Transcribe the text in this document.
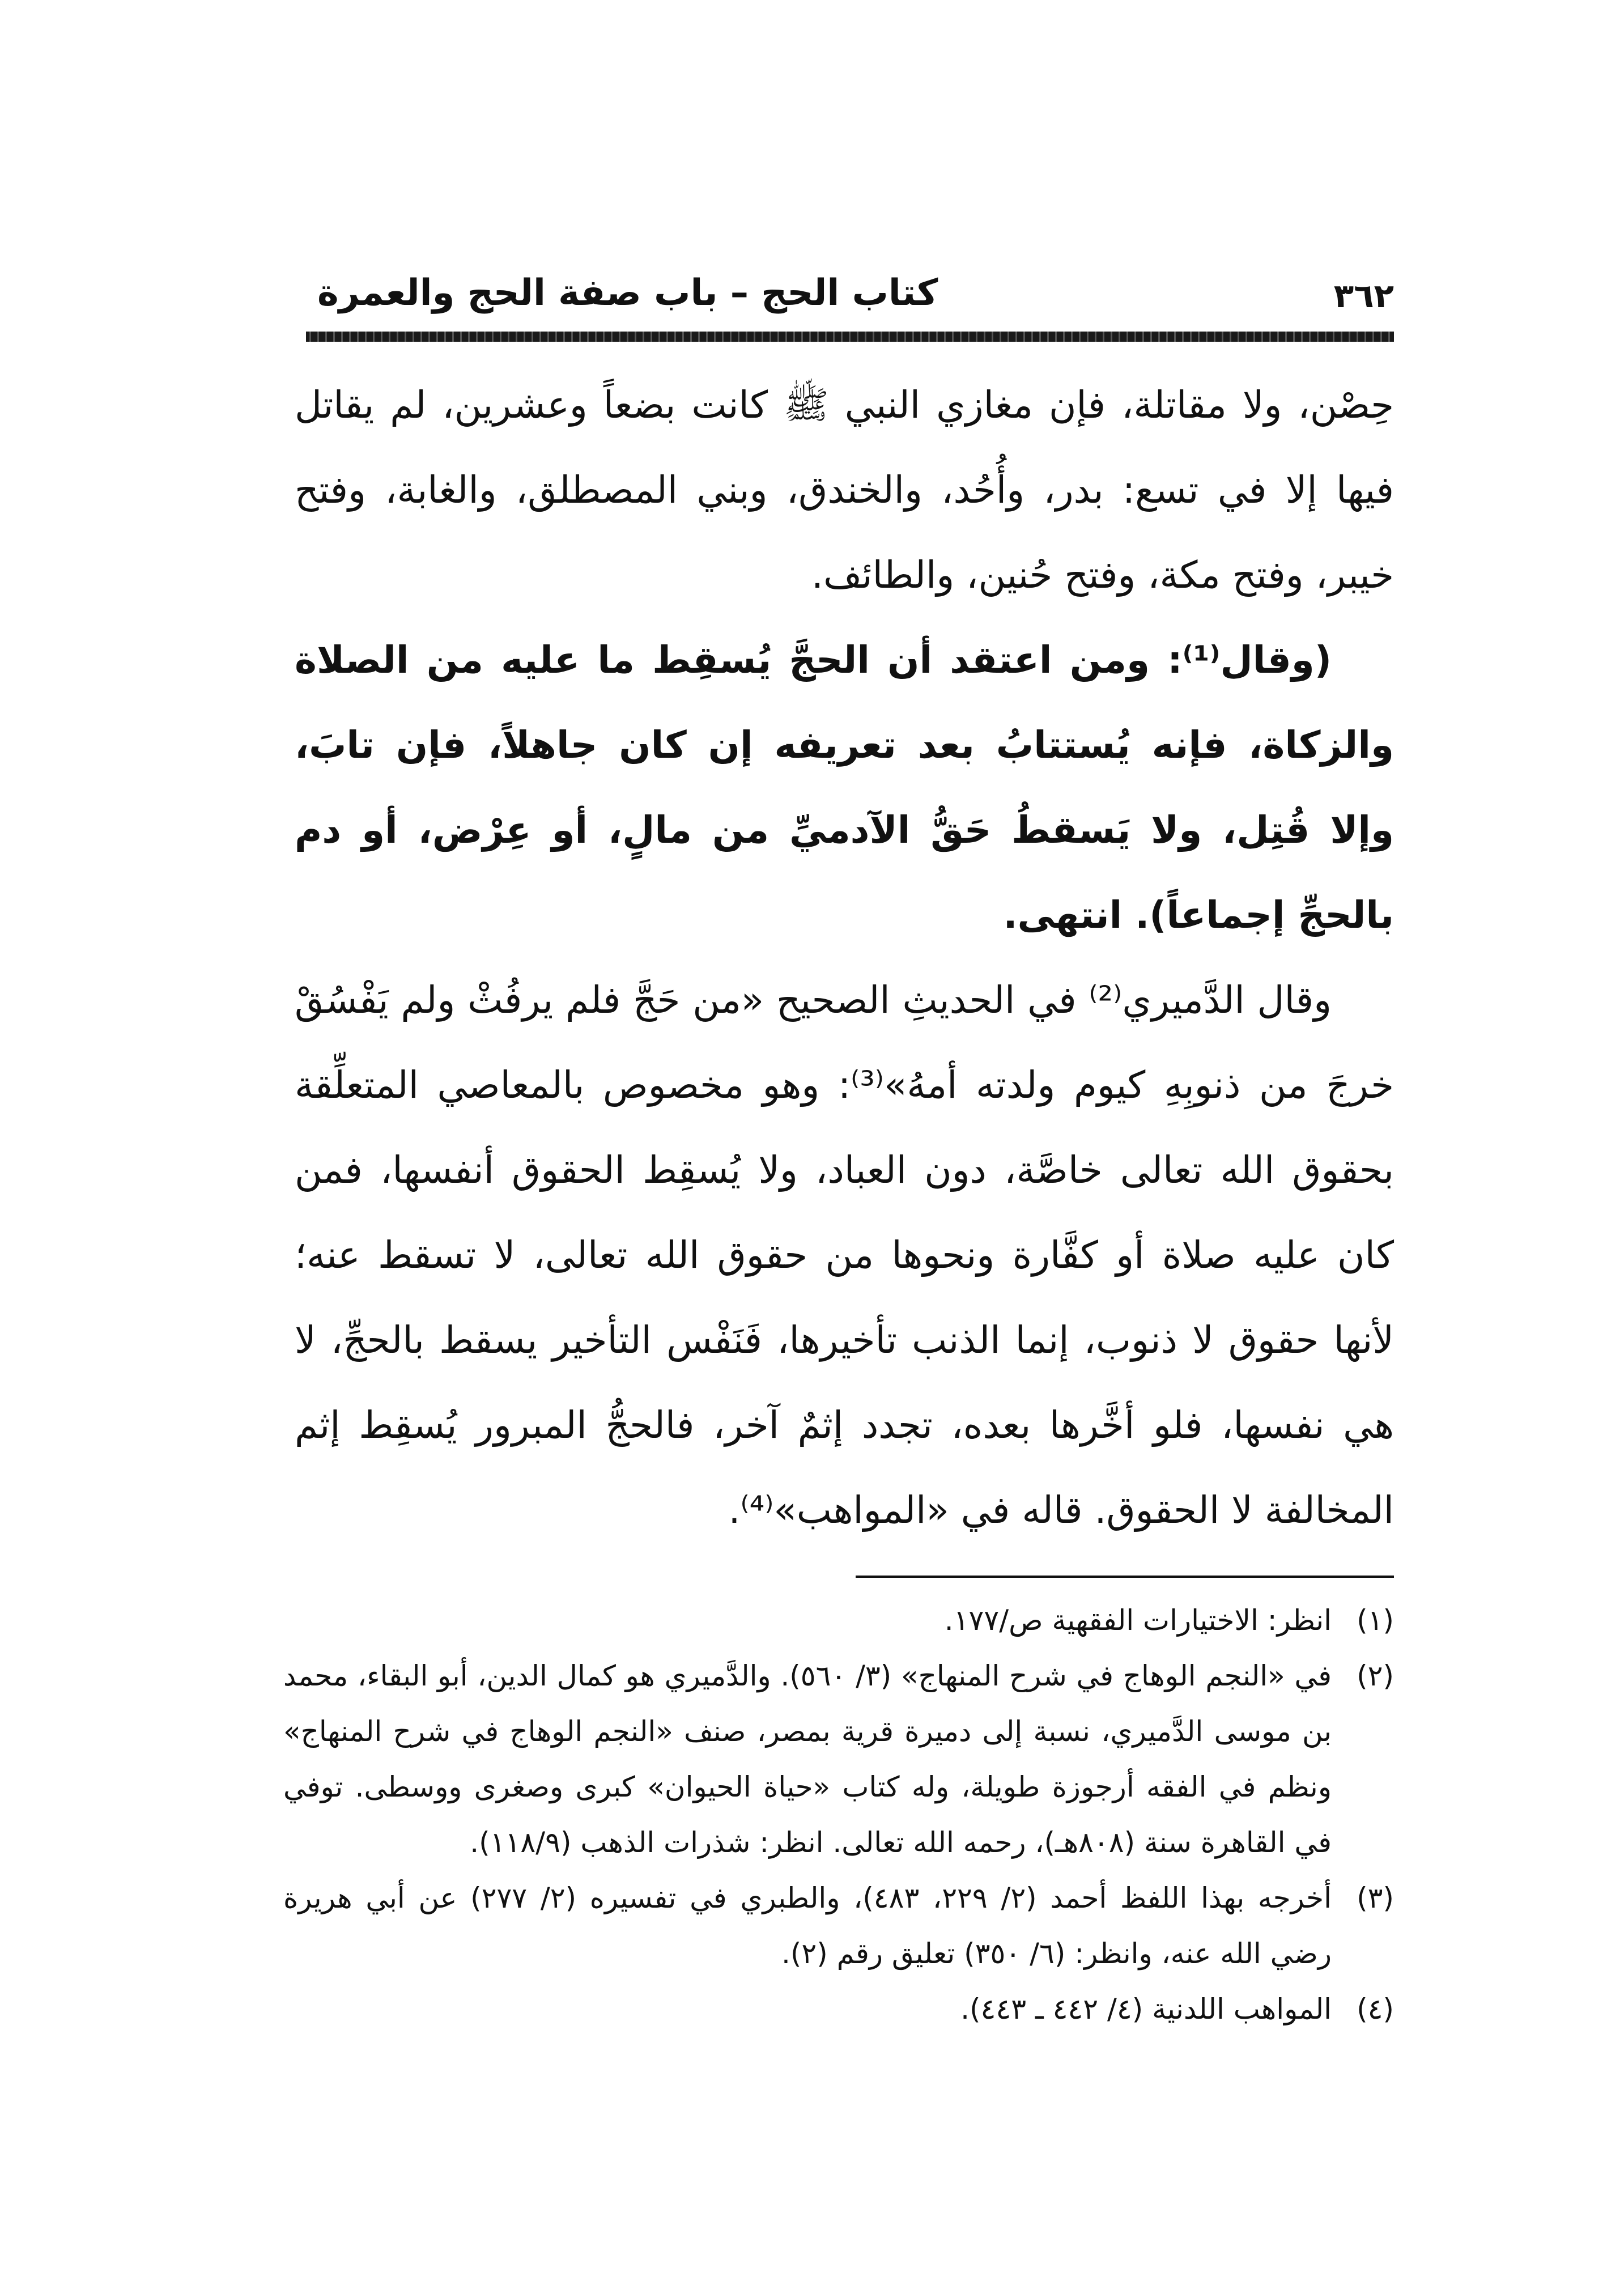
٣٦٢
كتاب الحج – باب صفة الحج والعمرة

حِصْن، ولا مقاتلة، فإن مغازي النبي ﷺ كانت بضعاً وعشرين، لم يقاتل فيها إلا في تسع: بدر، وأُحُد، والخندق، وبني المصطلق، والغابة، وفتح خيبر، وفتح مكة، وفتح حُنين، والطائف.

(وقال⁽¹⁾: ومن اعتقد أن الحجَّ يُسقِط ما عليه من الصلاة والزكاة، فإنه يُستتابُ بعد تعريفه إن كان جاهلاً، فإن تابَ، وإلا قُتِل، ولا يَسقطُ حَقُّ الآدميِّ من مالٍ، أو عِرْض، أو دم بالحجِّ إجماعاً). انتهى.

وقال الدَّميري⁽²⁾ في الحديثِ الصحيح «من حَجَّ فلم يرفُثْ ولم يَفْسُقْ خرجَ من ذنوبِهِ كيوم ولدته أمهُ»⁽³⁾: وهو مخصوص بالمعاصي المتعلِّقة بحقوق الله تعالى خاصَّة، دون العباد، ولا يُسقِط الحقوق أنفسها، فمن كان عليه صلاة أو كفَّارة ونحوها من حقوق الله تعالى، لا تسقط عنه؛ لأنها حقوق لا ذنوب، إنما الذنب تأخيرها، فَنَفْس التأخير يسقط بالحجِّ، لا هي نفسها، فلو أخَّرها بعده، تجدد إثمٌ آخر، فالحجُّ المبرور يُسقِط إثم المخالفة لا الحقوق. قاله في «المواهب»⁽⁴⁾.

(١)
انظر: الاختيارات الفقهية ص/١٧٧.
(٢)
في «النجم الوهاج في شرح المنهاج» (٣/ ٥٦٠). والدَّميري هو كمال الدين، أبو البقاء، محمد بن موسى الدَّميري، نسبة إلى دميرة قرية بمصر، صنف «النجم الوهاج في شرح المنهاج» ونظم في الفقه أرجوزة طويلة، وله كتاب «حياة الحيوان» كبرى وصغرى ووسطى. توفي في القاهرة سنة (٨٠٨هـ)، رحمه الله تعالى. انظر: شذرات الذهب (١١٨/٩).
(٣)
أخرجه بهذا اللفظ أحمد (٢/ ٢٢٩، ٤٨٣)، والطبري في تفسيره (٢/ ٢٧٧) عن أبي هريرة رضي الله عنه، وانظر: (٦/ ٣٥٠) تعليق رقم (٢).
(٤)
المواهب اللدنية (٤/ ٤٤٢ ـ ٤٤٣).
